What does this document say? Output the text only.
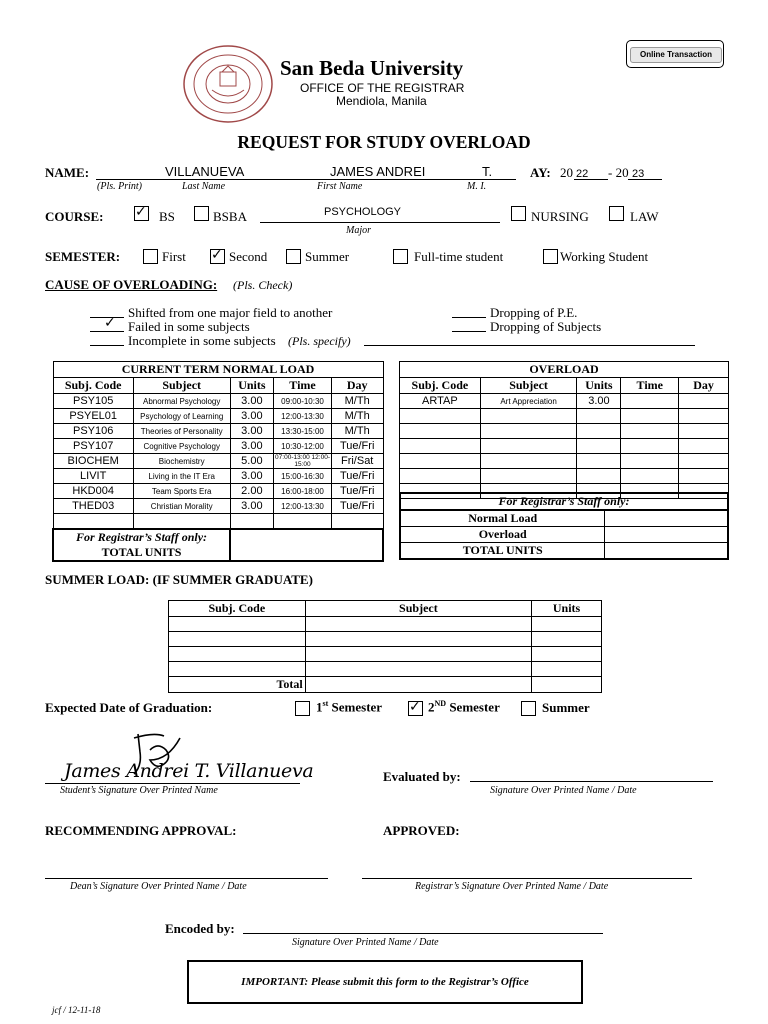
Online Transaction
San Beda University
OFFICE OF THE REGISTRAR
Mendiola, Manila
REQUEST FOR STUDY OVERLOAD
NAME:	VILLANUEVA	JAMES ANDREI	T.
(Pls. Print)	Last Name	First Name	M. I.
AY: 20 22 - 20 23
COURSE: ✓ BS	BSBA	PSYCHOLOGY
Major
NURSING	LAW
SEMESTER:	First ✓ Second	Summer	Full-time student	Working Student
CAUSE OF OVERLOADING: (Pls. Check)
Shifted from one major field to another
✓ Failed in some subjects
Incomplete in some subjects (Pls. specify)
Dropping of P.E.
Dropping of Subjects
CURRENT TERM NORMAL LOAD				
Subj. Code	Subject	Units	Time	Day
PSY105	Abnormal Psychology	3.00	09:00-10:30	M/Th
PSYEL01	Psychology of Learning	3.00	12:00-13:30	M/Th
PSY106	Theories of Personality	3.00	13:30-15:00	M/Th
PSY107	Cognitive Psychology	3.00	10:30-12:00	Tue/Fri
BIOCHEM	Biochemistry	5.00	07:00-13:00 12:00-15:00	Fri/Sat
LIVIT	Living in the IT Era	3.00	15:00-16:30	Tue/Fri
HKD004	Team Sports Era	2.00	16:00-18:00	Tue/Fri
THED03	Christian Morality	3.00	12:00-13:30	Tue/Fri

For Registrar’s Staff only:
TOTAL UNITS				

OVERLOAD				
Subj. Code	Subject	Units	Time	Day
ARTAP	Art Appreciation	3.00		

For Registrar’s Staff only:	
Normal Load	
Overload	
TOTAL UNITS	
SUMMER LOAD: (IF SUMMER GRADUATE)
Subj. Code	Subject	Units

Total		
Expected Date of Graduation:	1st Semester ✓ 2ND Semester	Summer
James Andrei T. Villanueva
Student’s Signature Over Printed Name
Evaluated by:
Signature Over Printed Name / Date
RECOMMENDING APPROVAL:	APPROVED:
Dean’s Signature Over Printed Name / Date	Registrar’s Signature Over Printed Name / Date
Encoded by:
Signature Over Printed Name / Date
IMPORTANT: Please submit this form to the Registrar’s Office
jcf / 12-11-18
